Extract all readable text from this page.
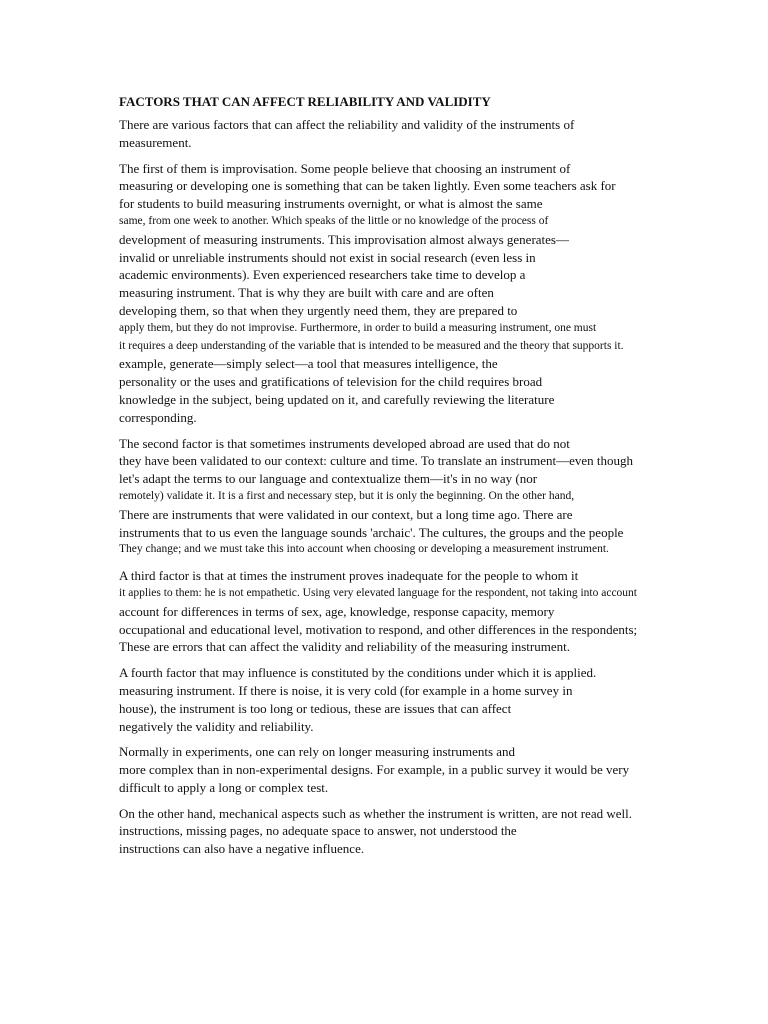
FACTORS THAT CAN AFFECT RELIABILITY AND VALIDITY
There are various factors that can affect the reliability and validity of the instruments of
measurement.
The first of them is improvisation. Some people believe that choosing an instrument of
measuring or developing one is something that can be taken lightly. Even some teachers ask for
for students to build measuring instruments overnight, or what is almost the same
same, from one week to another. Which speaks of the little or no knowledge of the process of
development of measuring instruments. This improvisation almost always generates—
invalid or unreliable instruments should not exist in social research (even less in
academic environments). Even experienced researchers take time to develop a
measuring instrument. That is why they are built with care and are often
developing them, so that when they urgently need them, they are prepared to
apply them, but they do not improvise. Furthermore, in order to build a measuring instrument, one must
it requires a deep understanding of the variable that is intended to be measured and the theory that supports it.
example, generate—simply select—a tool that measures intelligence, the
personality or the uses and gratifications of television for the child requires broad
knowledge in the subject, being updated on it, and carefully reviewing the literature
corresponding.
The second factor is that sometimes instruments developed abroad are used that do not
they have been validated to our context: culture and time. To translate an instrument—even though
let's adapt the terms to our language and contextualize them—it's in no way (nor
remotely) validate it. It is a first and necessary step, but it is only the beginning. On the other hand,
There are instruments that were validated in our context, but a long time ago. There are
instruments that to us even the language sounds 'archaic'. The cultures, the groups and the people
They change; and we must take this into account when choosing or developing a measurement instrument.
A third factor is that at times the instrument proves inadequate for the people to whom it
it applies to them: he is not empathetic. Using very elevated language for the respondent, not taking into account
account for differences in terms of sex, age, knowledge, response capacity, memory
occupational and educational level, motivation to respond, and other differences in the respondents;
These are errors that can affect the validity and reliability of the measuring instrument.
A fourth factor that may influence is constituted by the conditions under which it is applied.
measuring instrument. If there is noise, it is very cold (for example in a home survey in
house), the instrument is too long or tedious, these are issues that can affect
negatively the validity and reliability.
Normally in experiments, one can rely on longer measuring instruments and
more complex than in non-experimental designs. For example, in a public survey it would be very
difficult to apply a long or complex test.
On the other hand, mechanical aspects such as whether the instrument is written, are not read well.
instructions, missing pages, no adequate space to answer, not understood the
instructions can also have a negative influence.
